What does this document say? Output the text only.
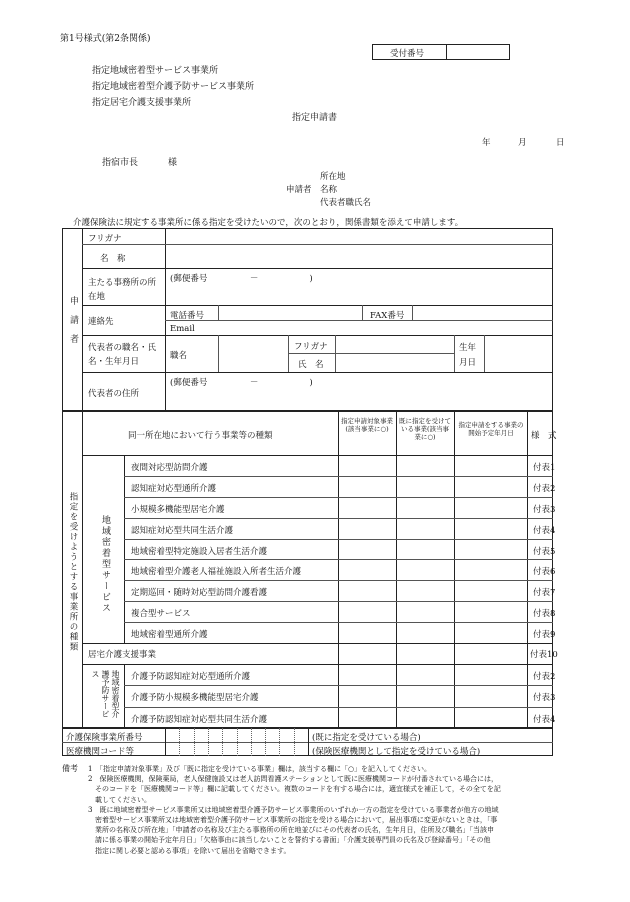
第1号様式(第2条関係)
受付番号
指定地域密着型サービス事業所
指定地域密着型介護予防サービス事業所
指定居宅介護支援事業所
指定申請書
年	月	日
指宿市長	様
所在地
申請者 名称
代表者職氏名
介護保険法に規定する事業所に係る指定を受けたいので，次のとおり，関係書類を添えて申請します。
申請者
フリガナ
名　称
主たる事務所の所在地
(郵便番号　　　　　－　　　　　　)
連絡先
電話番号	FAX番号
Email
代表者の職名・氏名・生年月日
職名
フリガナ
氏　名
生年月日
代表者の住所
(郵便番号　　　　　－　　　　　　)
指定を受けようとする事業所の種類
同一所在地において行う事業等の種類
指定申請対象事業(該当事業に○)
既に指定を受けている事業(該当事業に○)
指定申請をする事業の開始予定年月日	様　式
地域密着型サービス
夜間対応型訪問介護	付表1
認知症対応型通所介護	付表2
小規模多機能型居宅介護	付表3
認知症対応型共同生活介護	付表4
地域密着型特定施設入居者生活介護	付表5
地域密着型介護老人福祉施設入所者生活介護	付表6
定期巡回・随時対応型訪問介護看護	付表7
複合型サービス	付表8
地域密着型通所介護	付表9
居宅介護支援事業	付表10
地域密着型介護予防サービス	介護予防認知症対応型通所介護	付表2
介護予防小規模多機能型居宅介護	付表3
介護予防認知症対応型共同生活介護	付表4
介護保険事業所番号	(既に指定を受けている場合)
医療機関コード等	(保険医療機関として指定を受けている場合)
備考 1　「指定申請対象事業」及び「既に指定を受けている事業」欄は，該当する欄に「○」を記入してください。
2　保険医療機関，保険薬局，老人保健施設又は老人訪問看護ステーションとして既に医療機関コードが付番されている場合には，
　そのコードを「医療機関コード等」欄に記載してください。複数のコードを有する場合には，適宜様式を補正して，その全てを記
　載してください。
3　既に地域密着型サービス事業所又は地域密着型介護予防サービス事業所のいずれか一方の指定を受けている事業者が他方の地域
　密着型サービス事業所又は地域密着型介護予防サービス事業所の指定を受ける場合において，届出事項に変更がないときは，「事
　業所の名称及び所在地」「申請者の名称及び主たる事務所の所在地並びにその代表者の氏名，生年月日，住所及び職名」「当該申
　請に係る事業の開始予定年月日」「欠格事由に該当しないことを誓約する書面」「介護支援専門員の氏名及び登録番号」「その他
　指定に関し必要と認める事項」を除いて届出を省略できます。
